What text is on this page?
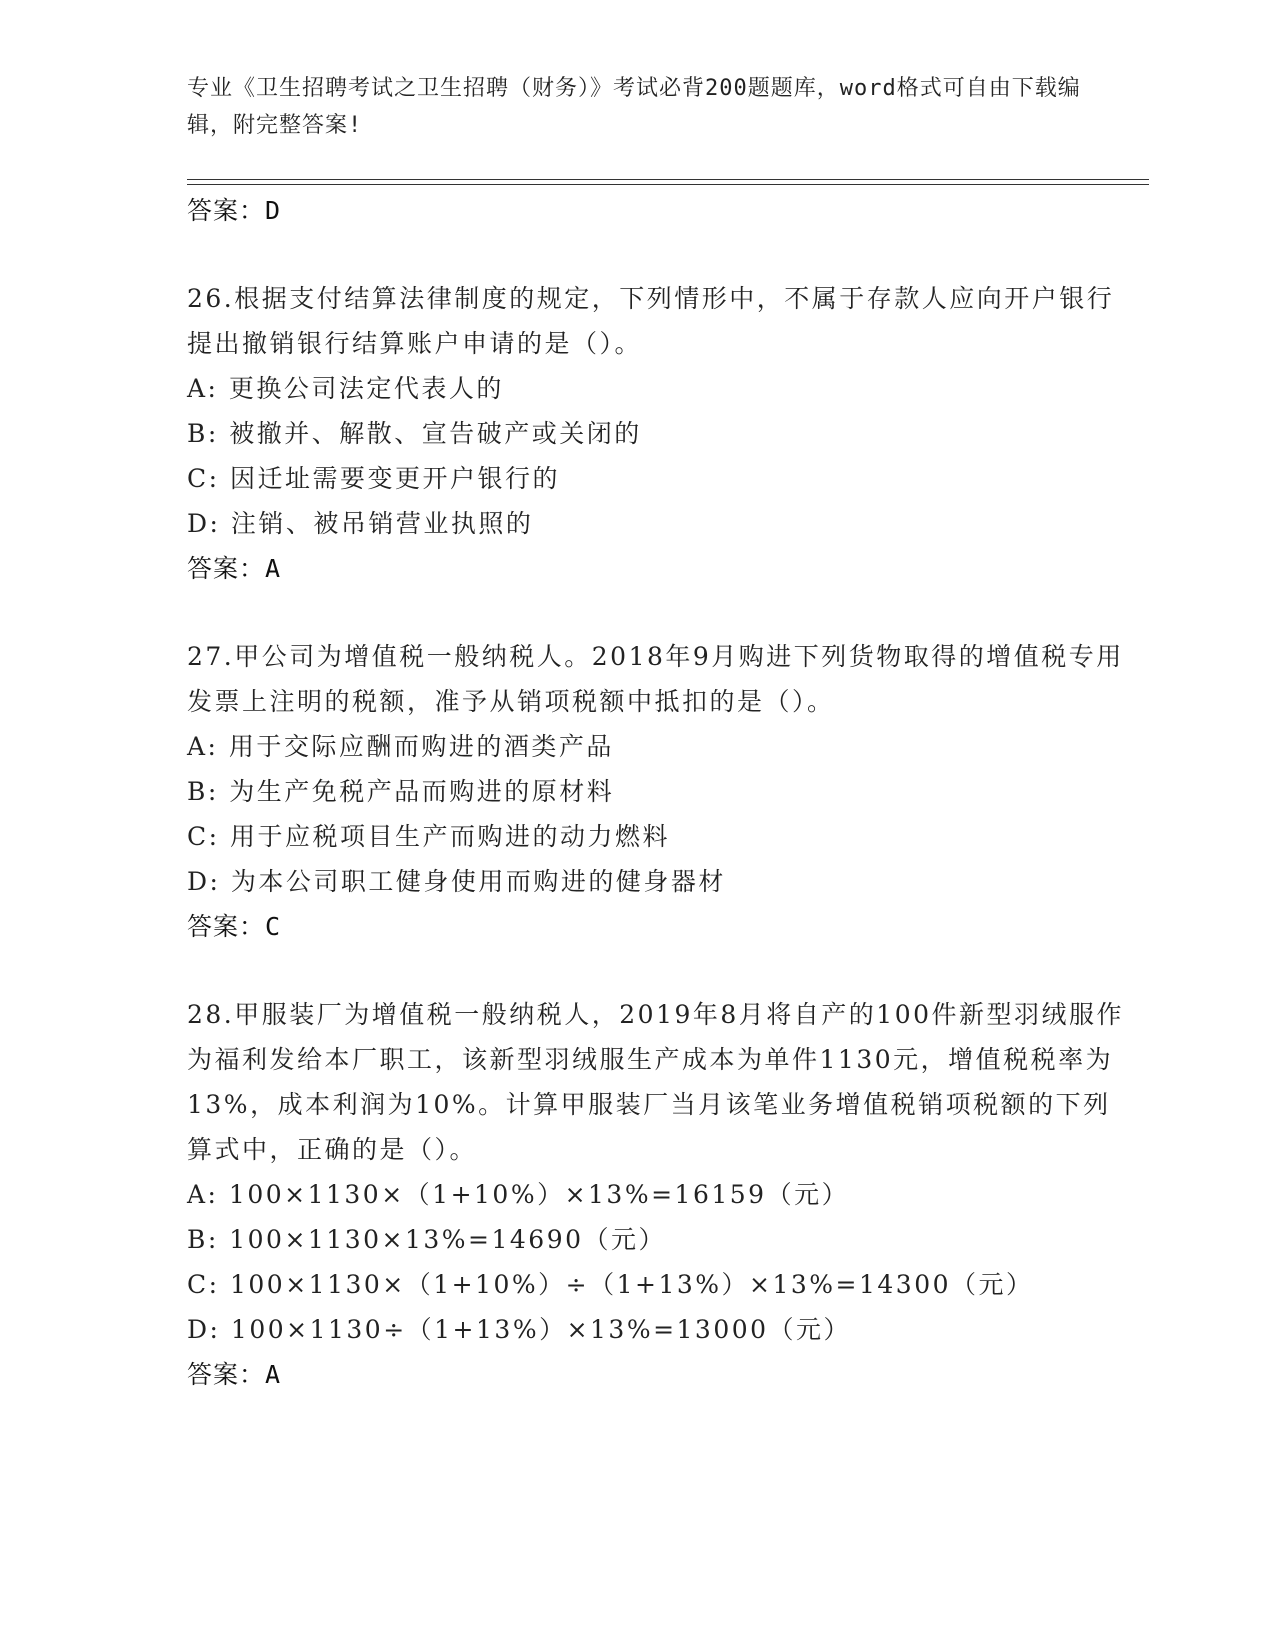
专业《卫生招聘考试之卫生招聘（财务）》考试必背200题题库，word格式可自由下载编辑，附完整答案!
答案：D
26.根据支付结算法律制度的规定，下列情形中，不属于存款人应向开户银行提出撤销银行结算账户申请的是（）。
A: 更换公司法定代表人的
B: 被撤并、解散、宣告破产或关闭的
C: 因迁址需要变更开户银行的
D: 注销、被吊销营业执照的
答案：A
27.甲公司为增值税一般纳税人。2018年9月购进下列货物取得的增值税专用发票上注明的税额，准予从销项税额中抵扣的是（）。
A: 用于交际应酬而购进的酒类产品
B: 为生产免税产品而购进的原材料
C: 用于应税项目生产而购进的动力燃料
D: 为本公司职工健身使用而购进的健身器材
答案：C
28.甲服装厂为增值税一般纳税人，2019年8月将自产的100件新型羽绒服作为福利发给本厂职工，该新型羽绒服生产成本为单件1130元，增值税税率为13%，成本利润为10%。计算甲服装厂当月该笔业务增值税销项税额的下列算式中，正确的是（）。
A: 100×1130×（1+10%）×13%=16159（元）
B: 100×1130×13%=14690（元）
C: 100×1130×（1+10%）÷（1+13%）×13%=14300（元）
D: 100×1130÷（1+13%）×13%=13000（元）
答案：A
